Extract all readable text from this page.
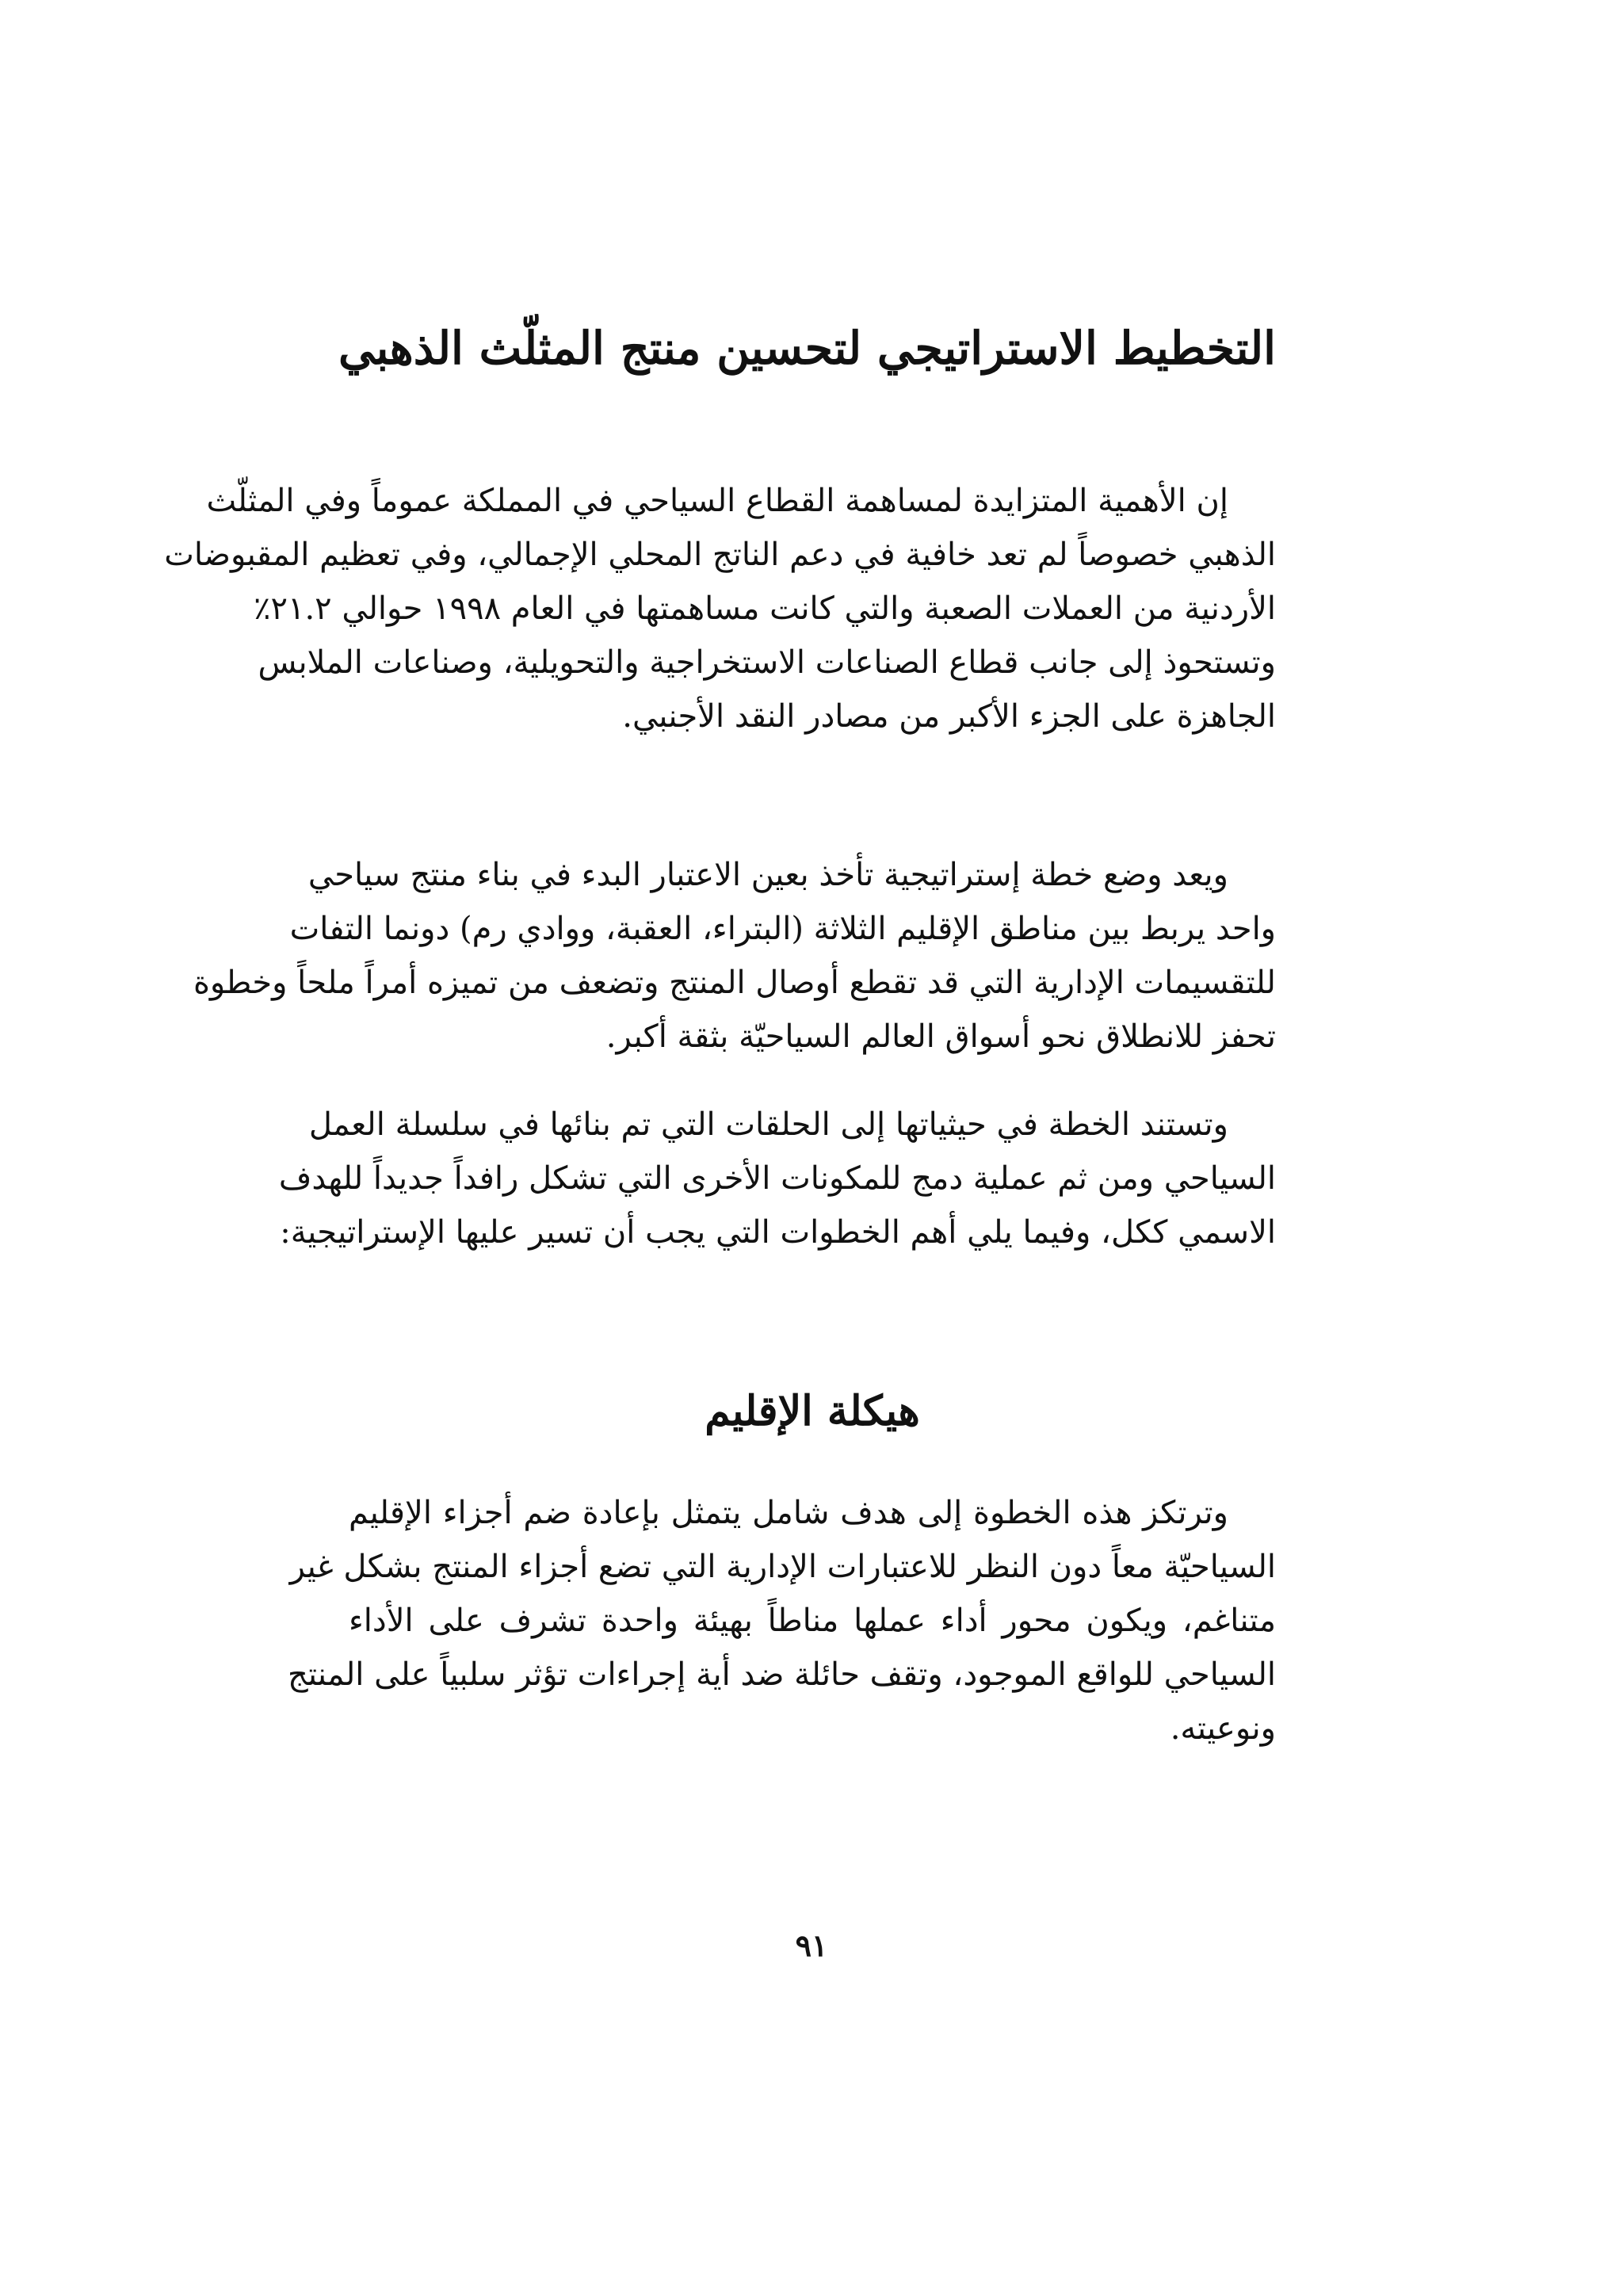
التخطيط الاستراتيجي لتحسين منتج المثلّث الذهبي

إن الأهمية المتزايدة لمساهمة القطاع السياحي في المملكة عموماً وفي المثلّث
الذهبي خصوصاً لم تعد خافية في دعم الناتج المحلي الإجمالي، وفي تعظيم المقبوضات
الأردنية من العملات الصعبة والتي كانت مساهمتها في العام ١٩٩٨ حوالي ٢١.٢٪
وتستحوذ إلى جانب قطاع الصناعات الاستخراجية والتحويلية، وصناعات الملابس
الجاهزة على الجزء الأكبر من مصادر النقد الأجنبي.

ويعد وضع خطة إستراتيجية تأخذ بعين الاعتبار البدء في بناء منتج سياحي
واحد يربط بين مناطق الإقليم الثلاثة (البتراء، العقبة، ووادي رم) دونما التفات
للتقسيمات الإدارية التي قد تقطع أوصال المنتج وتضعف من تميزه أمراً ملحاً وخطوة
تحفز للانطلاق نحو أسواق العالم السياحيّة بثقة أكبر.

وتستند الخطة في حيثياتها إلى الحلقات التي تم بنائها في سلسلة العمل
السياحي ومن ثم عملية دمج للمكونات الأخرى التي تشكل رافداً جديداً للهدف
الاسمي ككل، وفيما يلي أهم الخطوات التي يجب أن تسير عليها الإستراتيجية:

هيكلة الإقليم

وترتكز هذه الخطوة إلى هدف شامل يتمثل بإعادة ضم أجزاء الإقليم
السياحيّة معاً دون النظر للاعتبارات الإدارية التي تضع أجزاء المنتج بشكل غير
متناغم، ويكون محور أداء عملها مناطاً بهيئة واحدة تشرف على الأداء
السياحي للواقع الموجود، وتقف حائلة ضد أية إجراءات تؤثر سلبياً على المنتج
ونوعيته.

٩١
